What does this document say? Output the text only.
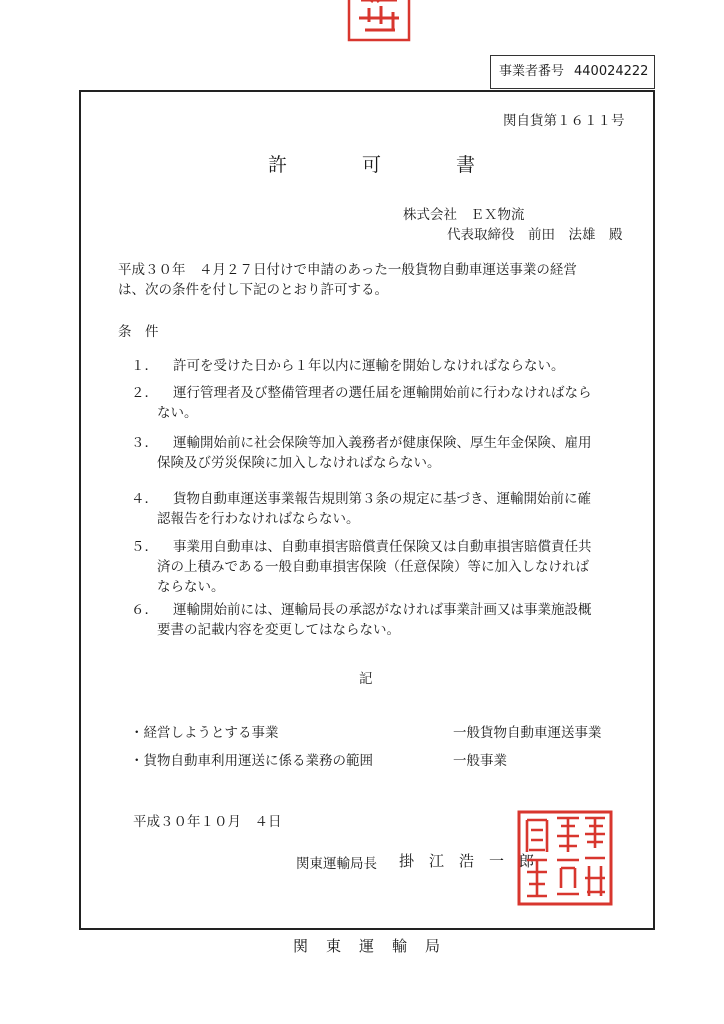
事業者番号 440024222
関自貨第１６１１号
許	可	書
株式会社　ＥＸ物流
代表取締役　前田　法雄　殿
平成３０年　４月２７日付けで申請のあった一般貨物自動車運送事業の経営
は、次の条件を付し下記のとおり許可する。
条　件
１． 許可を受けた日から１年以内に運輸を開始しなければならない。
２． 運行管理者及び整備管理者の選任届を運輸開始前に行わなければなら
ない。
３． 運輸開始前に社会保険等加入義務者が健康保険、厚生年金保険、雇用
保険及び労災保険に加入しなければならない。
４． 貨物自動車運送事業報告規則第３条の規定に基づき、運輸開始前に確
認報告を行わなければならない。
５． 事業用自動車は、自動車損害賠償責任保険又は自動車損害賠償責任共
済の上積みである一般自動車損害保険（任意保険）等に加入しなければ
ならない。
６． 運輸開始前には、運輸局長の承認がなければ事業計画又は事業施設概
要書の記載内容を変更してはならない。
記
・経営しようとする事業	一般貨物自動車運送事業
・貨物自動車利用運送に係る業務の範囲	一般事業
平成３０年１０月　４日
関東運輸局長 掛　江　浩　一　郎
関東運輸局
